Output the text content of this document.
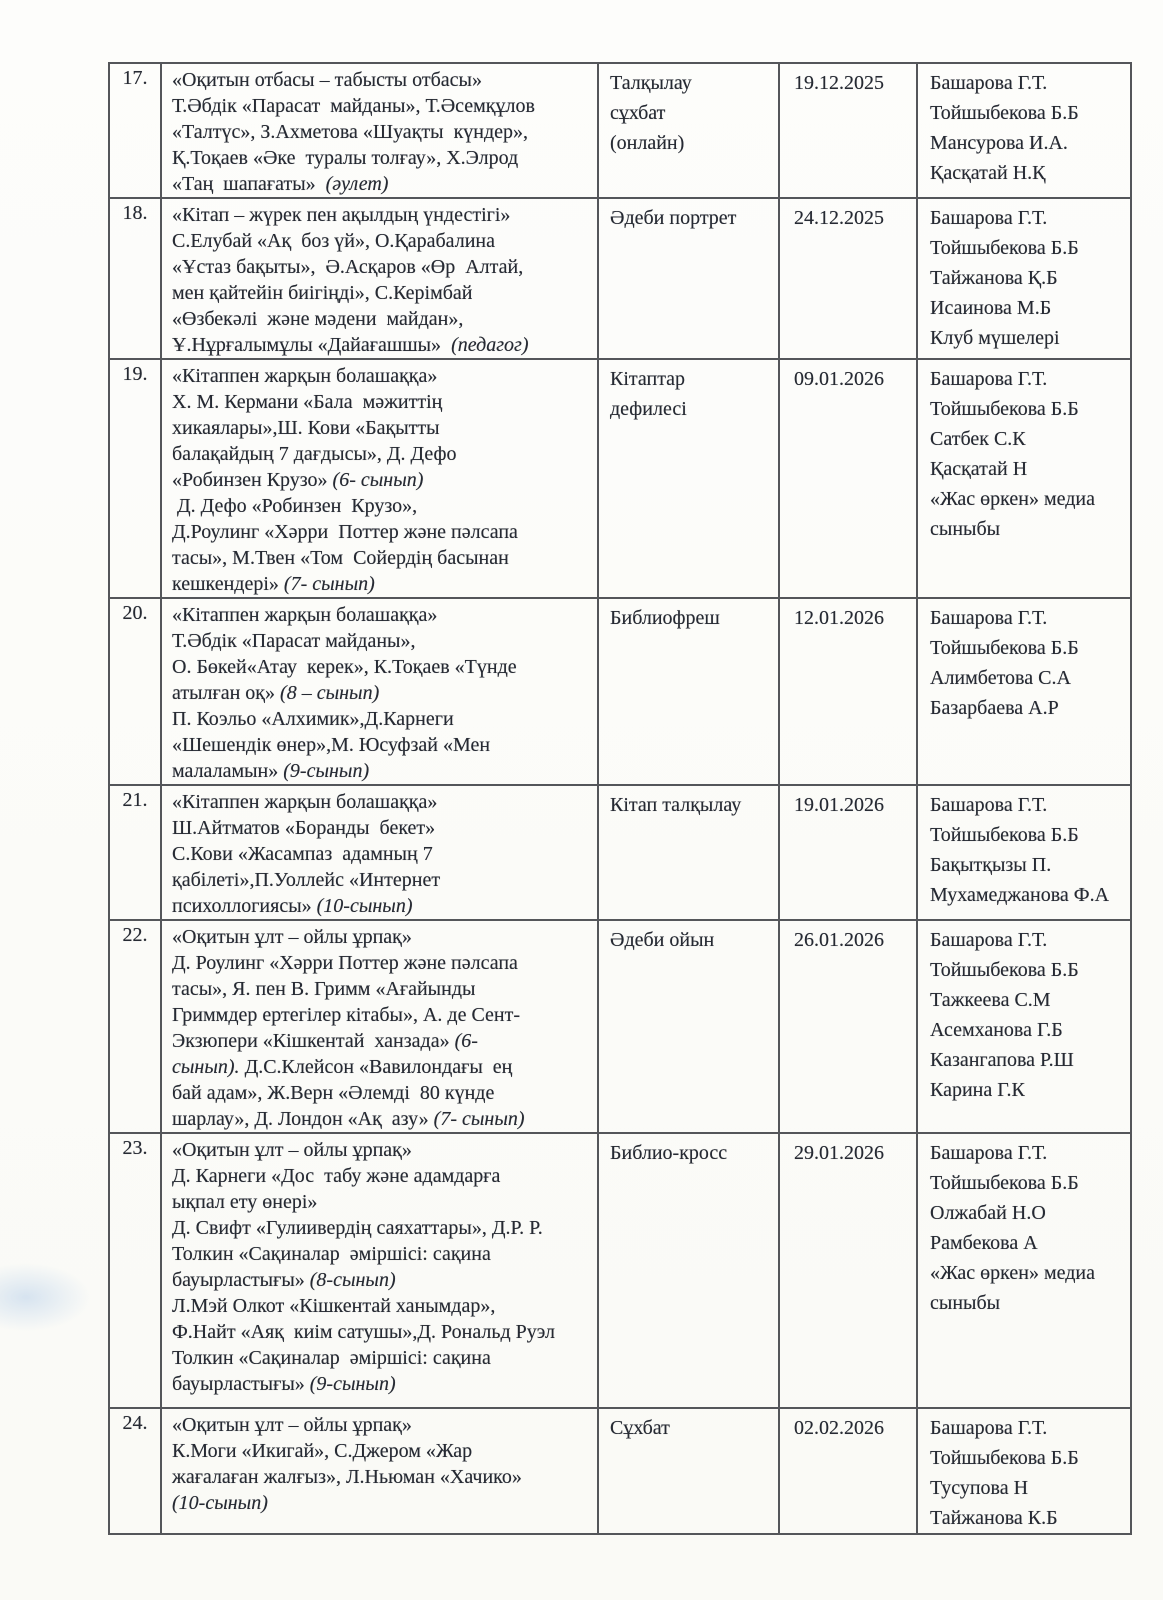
17.	«Оқитын отбасы – табысты отбасы»
Т.Әбдік «Парасат  майданы», Т.Әсемқұлов
«Талтүс», З.Ахметова «Шуақты  күндер»,
Қ.Тоқаев «Әке  туралы толғау», Х.Элрод
«Таң  шапағаты»  (әулет)

Талқылау
сұхбат
(онлайн)
	19.12.2025	Башарова Г.Т.
Тойшыбекова Б.Б
Мансурова И.А.
Қасқатай Н.Қ

18.	«Кітап – жүрек пен ақылдың үндестігі»
С.Елубай «Ақ  боз үй», О.Қарабалина
«Ұстаз бақыты»,  Ә.Асқаров «Өр  Алтай,
мен қайтейін биігіңді», С.Керімбай
«Өзбекәлі  және мәдени  майдан»,
Ұ.Нұрғалымұлы «Дайағашшы»  (педагог)

Әдеби портрет	24.12.2025	Башарова Г.Т.
Тойшыбекова Б.Б
Тайжанова Қ.Б
Исаинова М.Б
Клуб мүшелері

19.	«Кітаппен жарқын болашаққа»
Х. М. Кермани «Бала  мәжиттің
хикаялары»,Ш. Кови «Бақытты
балақайдың 7 дағдысы», Д. Дефо
«Робинзен Крузо» (6- сынып)
Д. Дефо «Робинзен  Крузо»,
Д.Роулинг «Хәрри  Поттер және пәлсапа
тасы», М.Твен «Том  Сойердің басынан
кешкендері» (7- сынып)

Кітаптар
дефилесі
	09.01.2026	Башарова Г.Т.
Тойшыбекова Б.Б
Сатбек С.К
Қасқатай Н
«Жас өркен» медиа
сыныбы

20.	«Кітаппен жарқын болашаққа»
Т.Әбдік «Парасат майданы»,
О. Бөкей«Атау  керек», К.Тоқаев «Түнде
атылған оқ» (8 – сынып)
П. Коэльо «Алхимик»,Д.Карнеги
«Шешендік өнер»,М. Юсуфзай «Мен
малаламын» (9-сынып)

Библиофреш	12.01.2026	Башарова Г.Т.
Тойшыбекова Б.Б
Алимбетова С.А
Базарбаева А.Р

21.	«Кітаппен жарқын болашаққа»
Ш.Айтматов «Боранды  бекет»
С.Кови «Жасампаз  адамның 7
қабілеті»,П.Уоллейс «Интернет
психоллогиясы» (10-сынып)

Кітап талқылау	19.01.2026	Башарова Г.Т.
Тойшыбекова Б.Б
Бақытқызы П.
Мухамеджанова Ф.А

22.	«Оқитын ұлт – ойлы ұрпақ»
Д. Роулинг «Хәрри Поттер және пәлсапа
тасы», Я. пен В. Гримм «Ағайынды
Гриммдер ертегілер кітабы», А. де Сент-
Экзюпери «Кішкентай  ханзада» (6-
сынып). Д.С.Клейсон «Вавилондағы  ең
бай адам», Ж.Верн «Әлемді  80 күнде
шарлау», Д. Лондон «Ақ  азу» (7- сынып)

Әдеби ойын	26.01.2026	Башарова Г.Т.
Тойшыбекова Б.Б
Тажкеева С.М
Асемханова Г.Б
Казангапова Р.Ш
Карина Г.К

23.	«Оқитын ұлт – ойлы ұрпақ»
Д. Карнеги «Дос  табу және адамдарға
ықпал ету өнері»
Д. Свифт «Гулиивердің саяхаттары», Д.Р. Р.
Толкин «Сақиналар  әміршісі: сақина
бауырластығы» (8-сынып)
Л.Мэй Олкот «Кішкентай ханымдар»,
Ф.Найт «Аяқ  киім сатушы»,Д. Рональд Руэл
Толкин «Сақиналар  әміршісі: сақина
бауырластығы» (9-сынып)

Библио-кросс	29.01.2026	Башарова Г.Т.
Тойшыбекова Б.Б
Олжабай Н.О
Рамбекова А
«Жас өркен» медиа
сыныбы

24.	«Оқитын ұлт – ойлы ұрпақ»
К.Моги «Икигай», С.Джером «Жар
жағалаған жалғыз», Л.Ньюман «Хачико»
(10-сынып)

Сұхбат	02.02.2026	Башарова Г.Т.
Тойшыбекова Б.Б
Тусупова Н
Тайжанова К.Б
